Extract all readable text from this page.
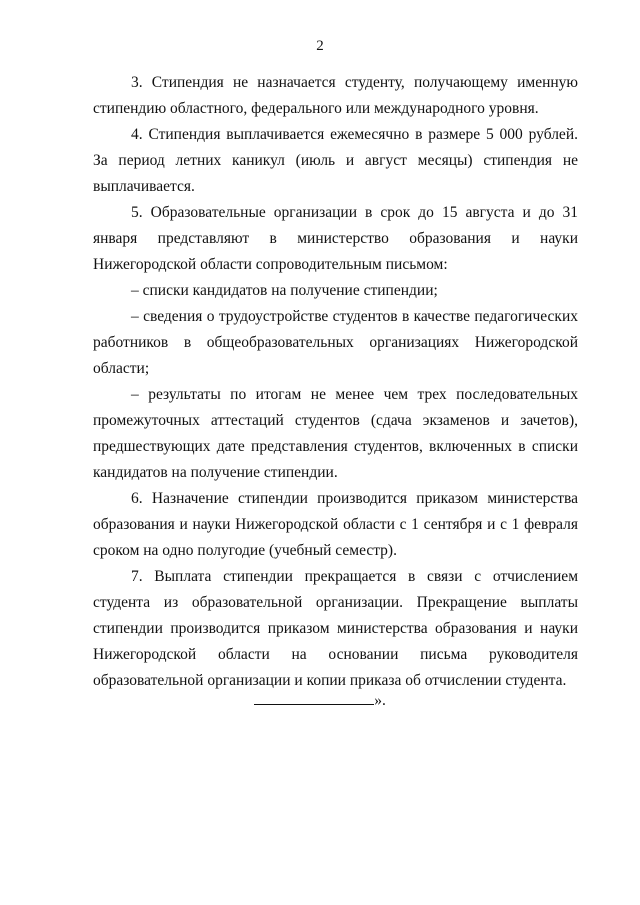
2

3. Стипендия не назначается студенту, получающему именную стипендию областного, федерального или международного уровня.

4. Стипендия выплачивается ежемесячно в размере 5 000 рублей. За период летних каникул (июль и август месяцы) стипендия не выплачивается.

5. Образовательные организации в срок до 15 августа и до 31 января представляют в министерство образования и науки Нижегородской области сопроводительным письмом:

– списки кандидатов на получение стипендии;

– сведения о трудоустройстве студентов в качестве педагогических работников в общеобразовательных организациях Нижегородской области;

– результаты по итогам не менее чем трех последовательных промежуточных аттестаций студентов (сдача экзаменов и зачетов), предшествующих дате представления студентов, включенных в списки кандидатов на получение стипендии.

6. Назначение стипендии производится приказом министерства образования и науки Нижегородской области с 1 сентября и с 1 февраля сроком на одно полугодие (учебный семестр).

7. Выплата стипендии прекращается в связи с отчислением студента из образовательной организации. Прекращение выплаты стипендии производится приказом министерства образования и науки Нижегородской области на основании письма руководителя образовательной организации и копии приказа об отчислении студента.

».
